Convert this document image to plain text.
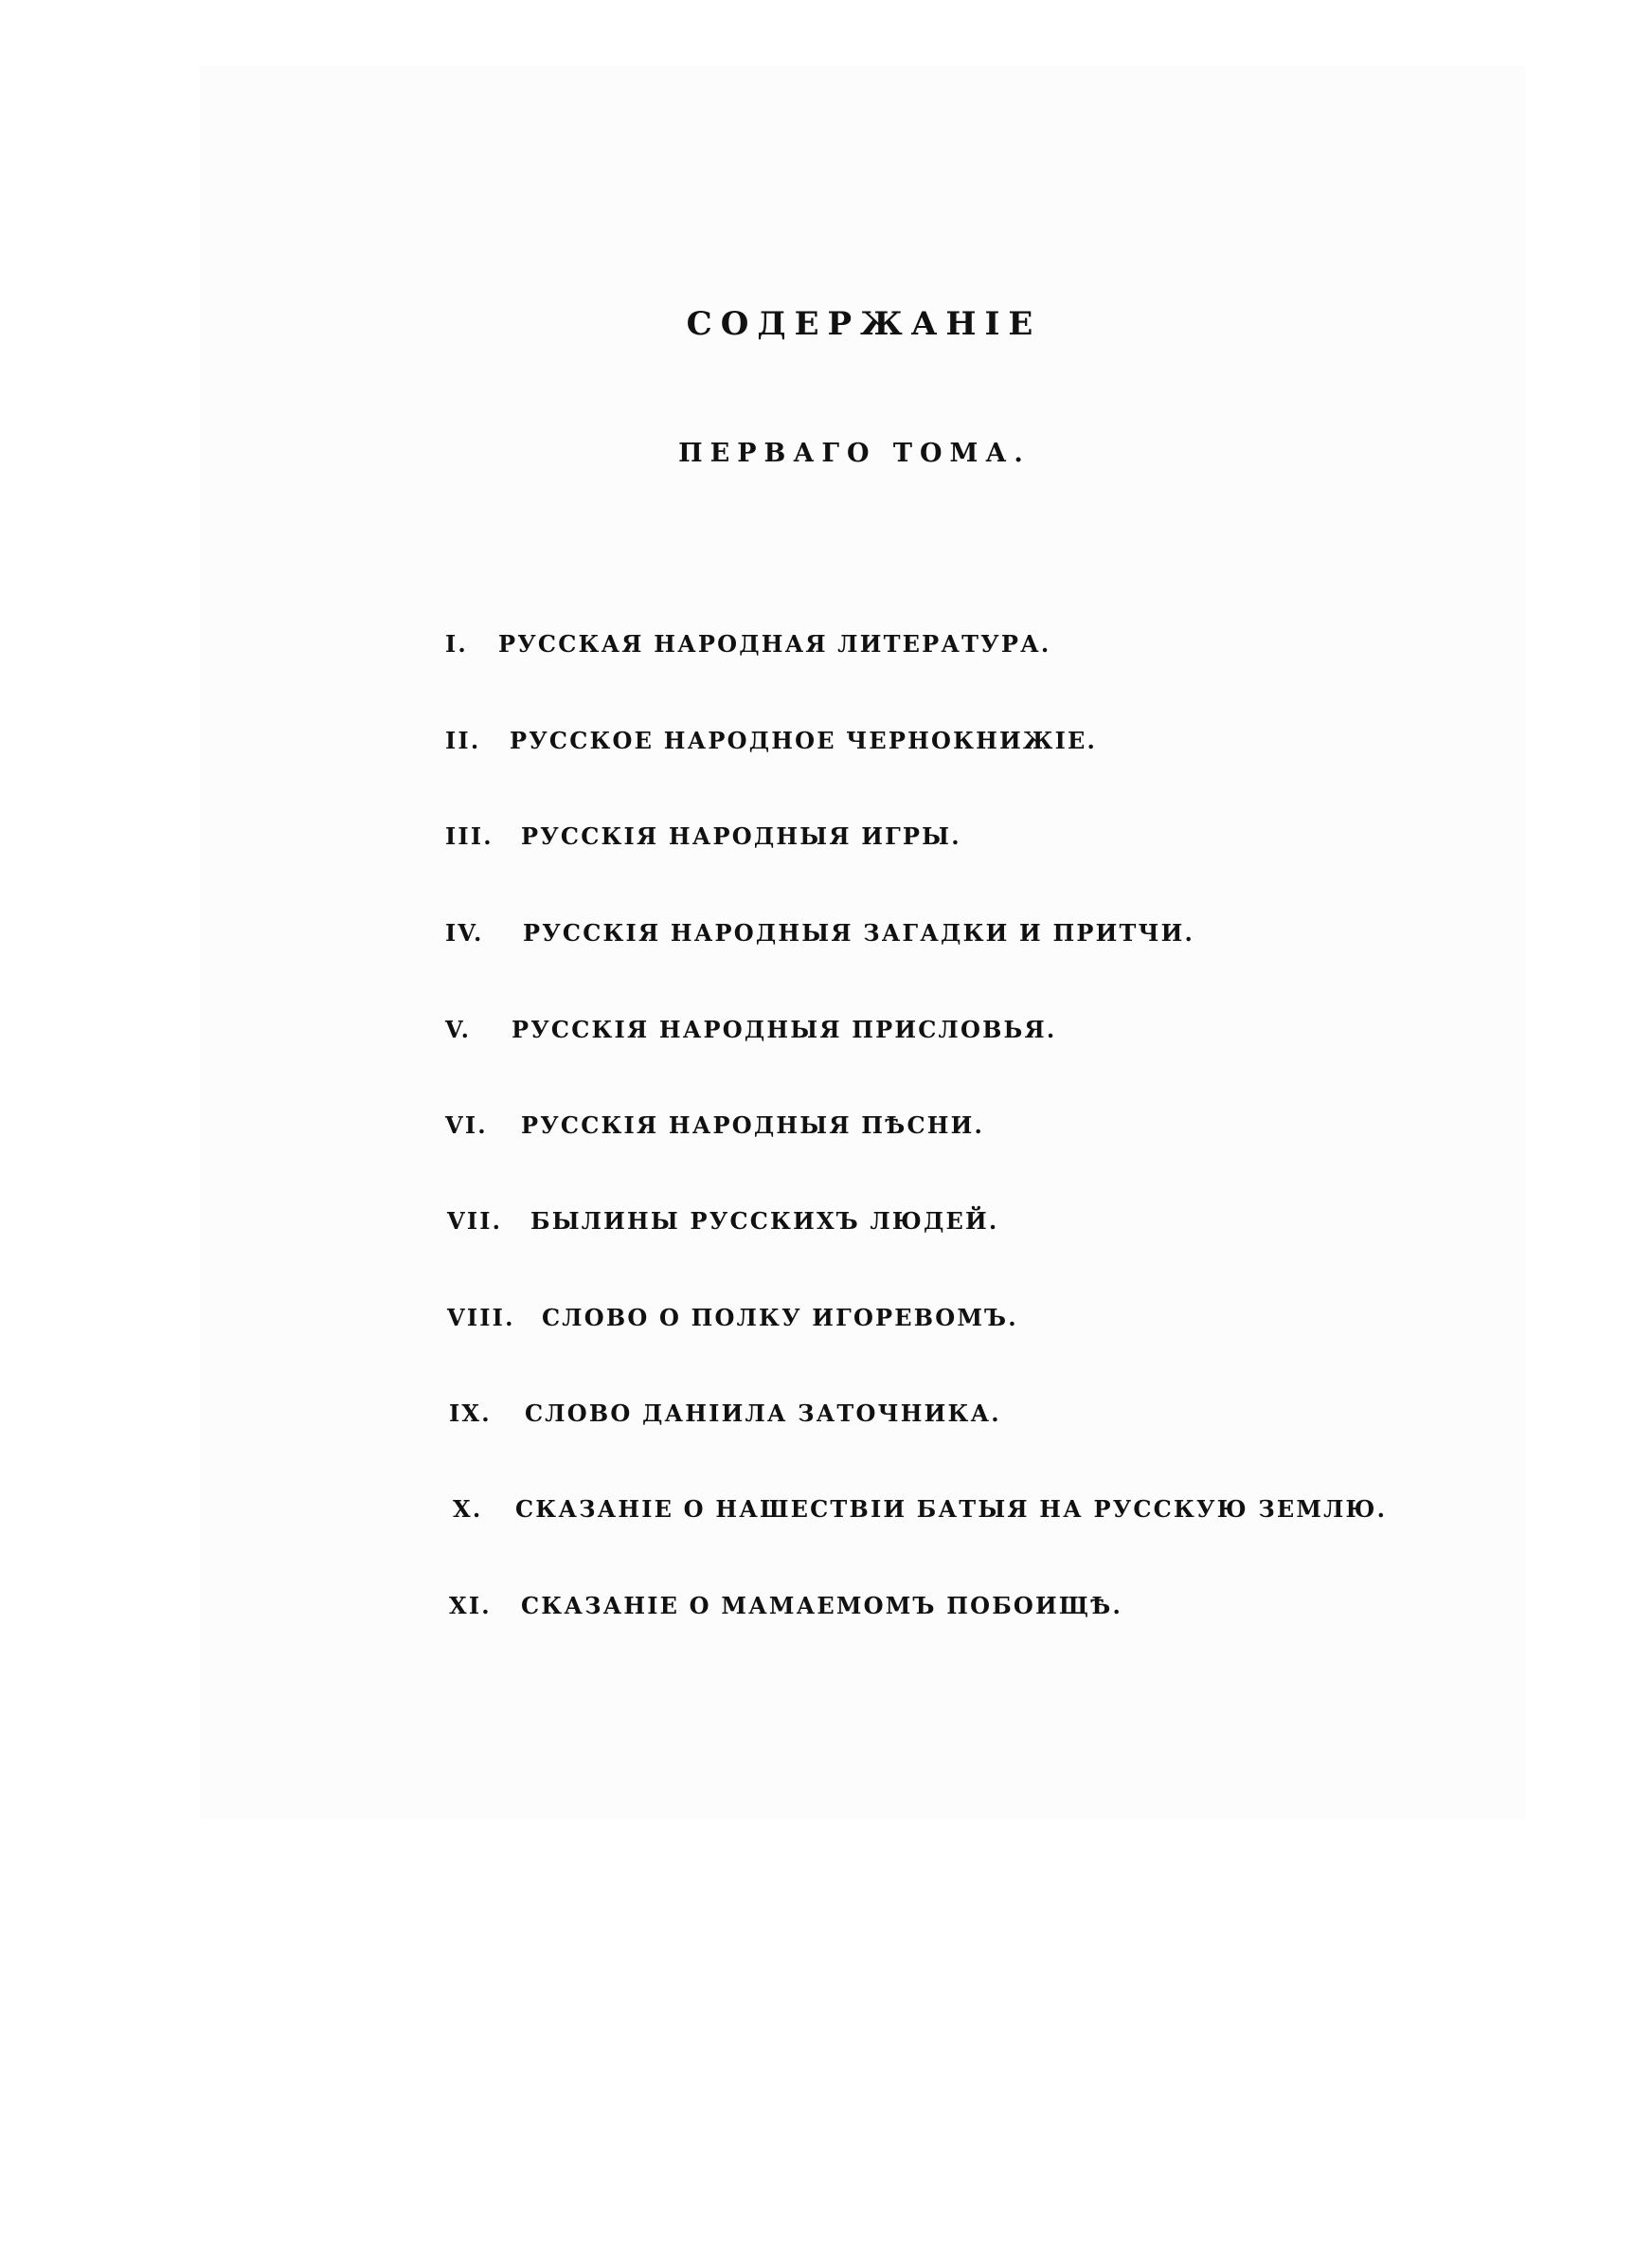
СОДЕРЖАНIЕ
ПЕРВАГО ТОМА.
I. РУССКАЯ НАРОДНАЯ ЛИТЕРАТУРА.
II. РУССКОЕ НАРОДНОЕ ЧЕРНОКНИЖIЕ.
III. РУССКIЯ НАРОДНЫЯ ИГРЫ.
IV. РУССКIЯ НАРОДНЫЯ ЗАГАДКИ И ПРИТЧИ.
V. РУССКIЯ НАРОДНЫЯ ПРИСЛОВЬЯ.
VI. РУССКIЯ НАРОДНЫЯ ПѢСНИ.
VII. БЫЛИНЫ РУССКИХЪ ЛЮДЕЙ.
VIII. СЛОВО О ПОЛКУ ИГОРЕВОМЪ.
IX. СЛОВО ДАНIИЛА ЗАТОЧНИКА.
X. СКАЗАНIЕ О НАШЕСТВIИ БАТЫЯ НА РУССКУЮ ЗЕМЛЮ.
XI. СКАЗАНIЕ О МАМАЕМОМЪ ПОБОИЩѢ.
